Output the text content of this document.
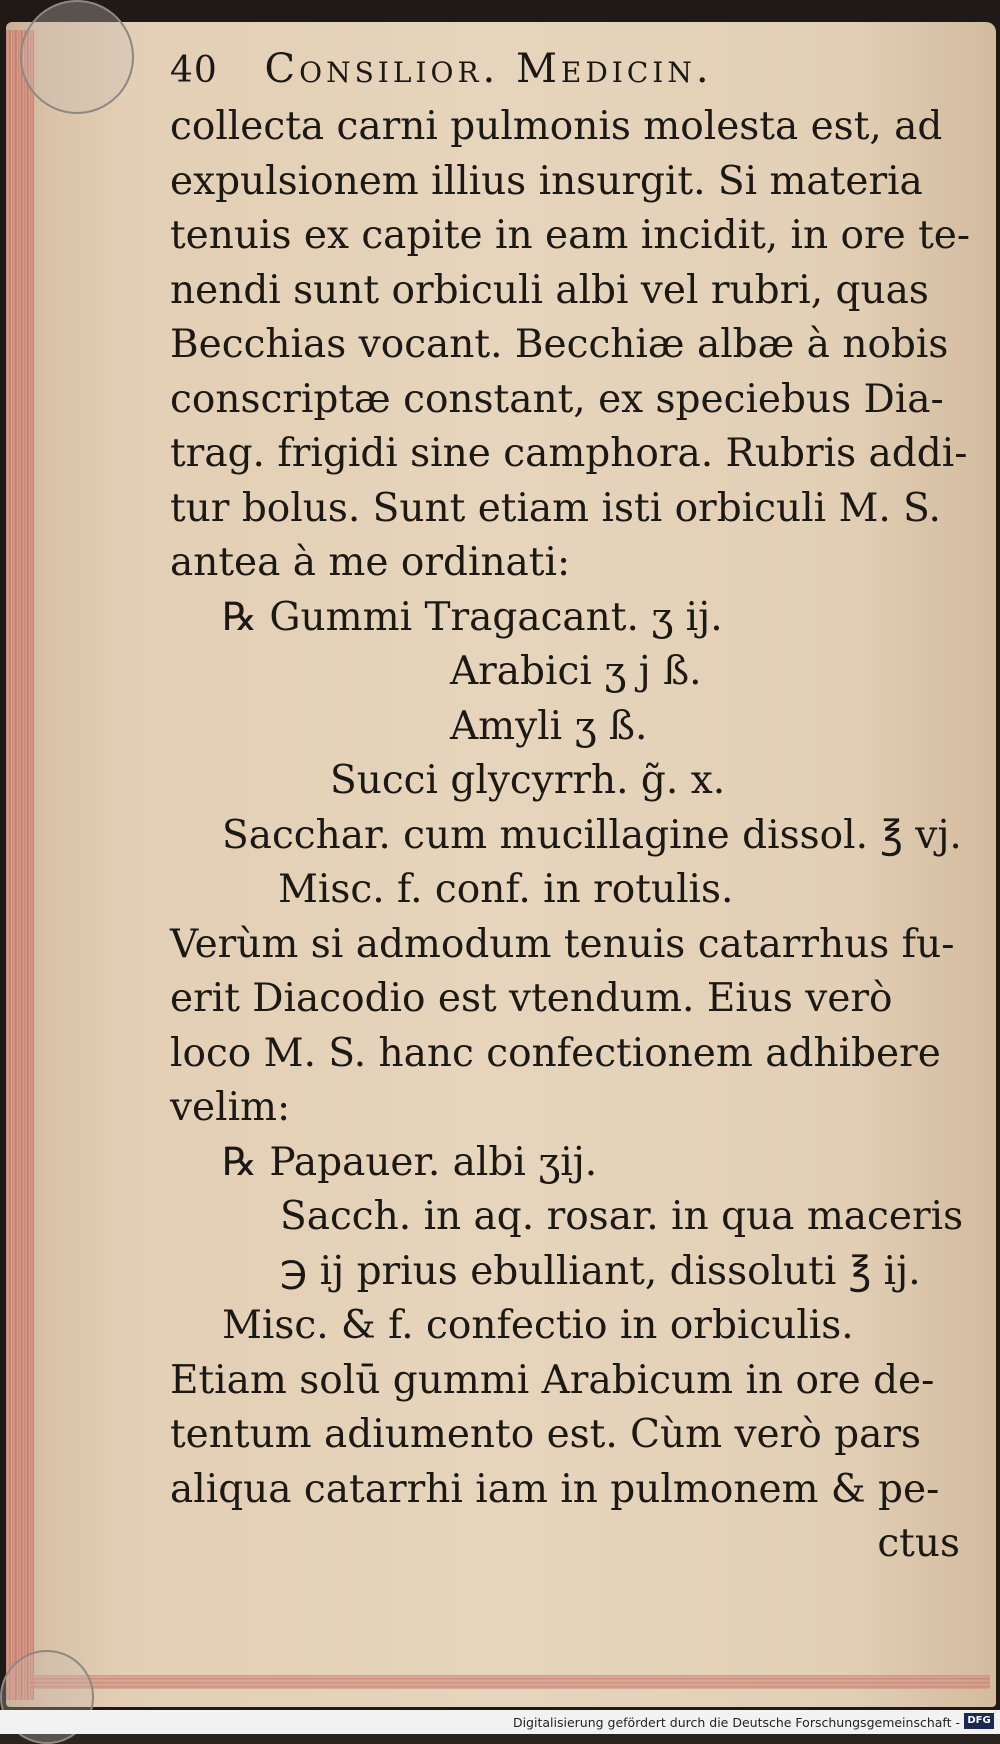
40 Consilior. Medicin.
collecta carni pulmonis molesta est, ad
expulsionem illius insurgit. Si materia
tenuis ex capite in eam incidit, in ore te-
nendi sunt orbiculi albi vel rubri, quas
Becchias vocant. Becchiæ albæ à nobis
conscriptæ constant, ex speciebus Dia-
trag. frigidi sine camphora. Rubris addi-
tur bolus. Sunt etiam isti orbiculi M. S.
antea à me ordinati:
℞ Gummi Tragacant. ʒ ij.
Arabici ʒ j ß.
Amyli ʒ ß.
Succi glycyrrh. g̃. x.
Sacchar. cum mucillagine dissol. ℥ vj.
Misc. f. conf. in rotulis.
Verùm si admodum tenuis catarrhus fu-
erit Diacodio est vtendum. Eius verò
loco M. S. hanc confectionem adhibere
velim:
℞ Papauer. albi ʒij.
Sacch. in aq. rosar. in qua maceris
℈ ij prius ebulliant, dissoluti ℥ ij.
Misc. & f. confectio in orbiculis.
Etiam solū gummi Arabicum in ore de-
tentum adiumento est. Cùm verò pars
aliqua catarrhi iam in pulmonem & pe-
ctus
Digitalisierung gefördert durch die Deutsche Forschungsgemeinschaft - DFG
